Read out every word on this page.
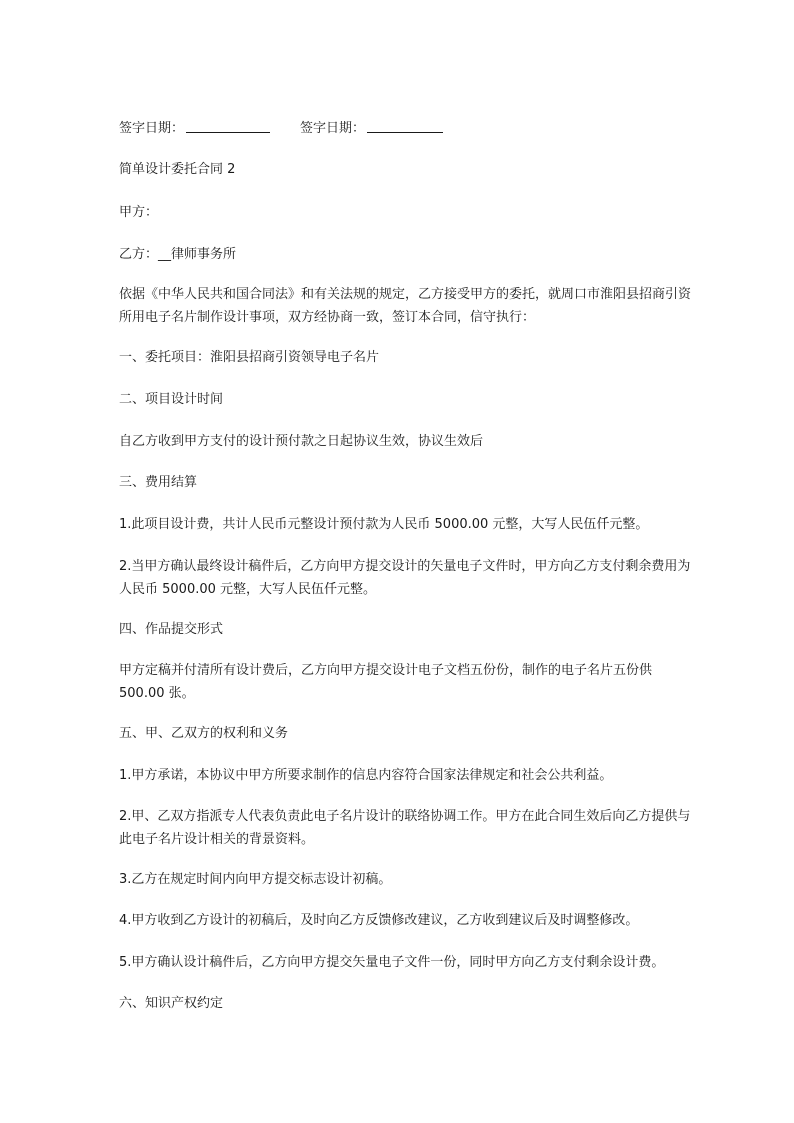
签字日期：	签字日期：
简单设计委托合同 2
甲方：
乙方：__律师事务所
依据《中华人民共和国合同法》和有关法规的规定，乙方接受甲方的委托，就周口市淮阳县招商引资所用电子名片制作设计事项，双方经协商一致，签订本合同，信守执行：
一、委托项目：淮阳县招商引资领导电子名片
二、项目设计时间
自乙方收到甲方支付的设计预付款之日起协议生效，协议生效后
三、费用结算
1.此项目设计费，共计人民币元整设计预付款为人民币 5000.00 元整，大写人民伍仟元整。
2.当甲方确认最终设计稿件后，乙方向甲方提交设计的矢量电子文件时，甲方向乙方支付剩余费用为人民币 5000.00 元整，大写人民伍仟元整。
四、作品提交形式
甲方定稿并付清所有设计费后，乙方向甲方提交设计电子文档五份份，制作的电子名片五份供 500.00 张。
五、甲、乙双方的权利和义务
1.甲方承诺，本协议中甲方所要求制作的信息内容符合国家法律规定和社会公共利益。
2.甲、乙双方指派专人代表负责此电子名片设计的联络协调工作。甲方在此合同生效后向乙方提供与此电子名片设计相关的背景资料。
3.乙方在规定时间内向甲方提交标志设计初稿。
4.甲方收到乙方设计的初稿后，及时向乙方反馈修改建议，乙方收到建议后及时调整修改。
5.甲方确认设计稿件后，乙方向甲方提交矢量电子文件一份，同时甲方向乙方支付剩余设计费。
六、知识产权约定
